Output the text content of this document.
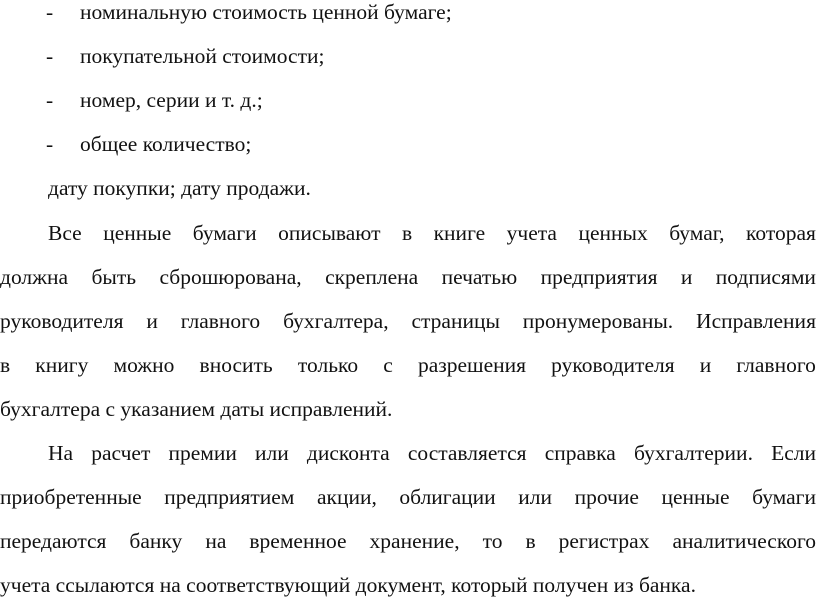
- номинальную стоимость ценной бумаге;
- покупательной стоимости;
- номер, серии и т. д.;
- общее количество;
дату покупки; дату продажи.
Все ценные бумаги описывают в книге учета ценных бумаг, которая
должна быть сброшюрована, скреплена печатью предприятия и подписями
руководителя и главного бухгалтера, страницы пронумерованы. Исправления
в книгу можно вносить только с разрешения руководителя и главного
бухгалтера с указанием даты исправлений.
На расчет премии или дисконта составляется справка бухгалтерии. Если
приобретенные предприятием акции, облигации или прочие ценные бумаги
передаются банку на временное хранение, то в регистрах аналитического
учета ссылаются на соответствующий документ, который получен из банка.
